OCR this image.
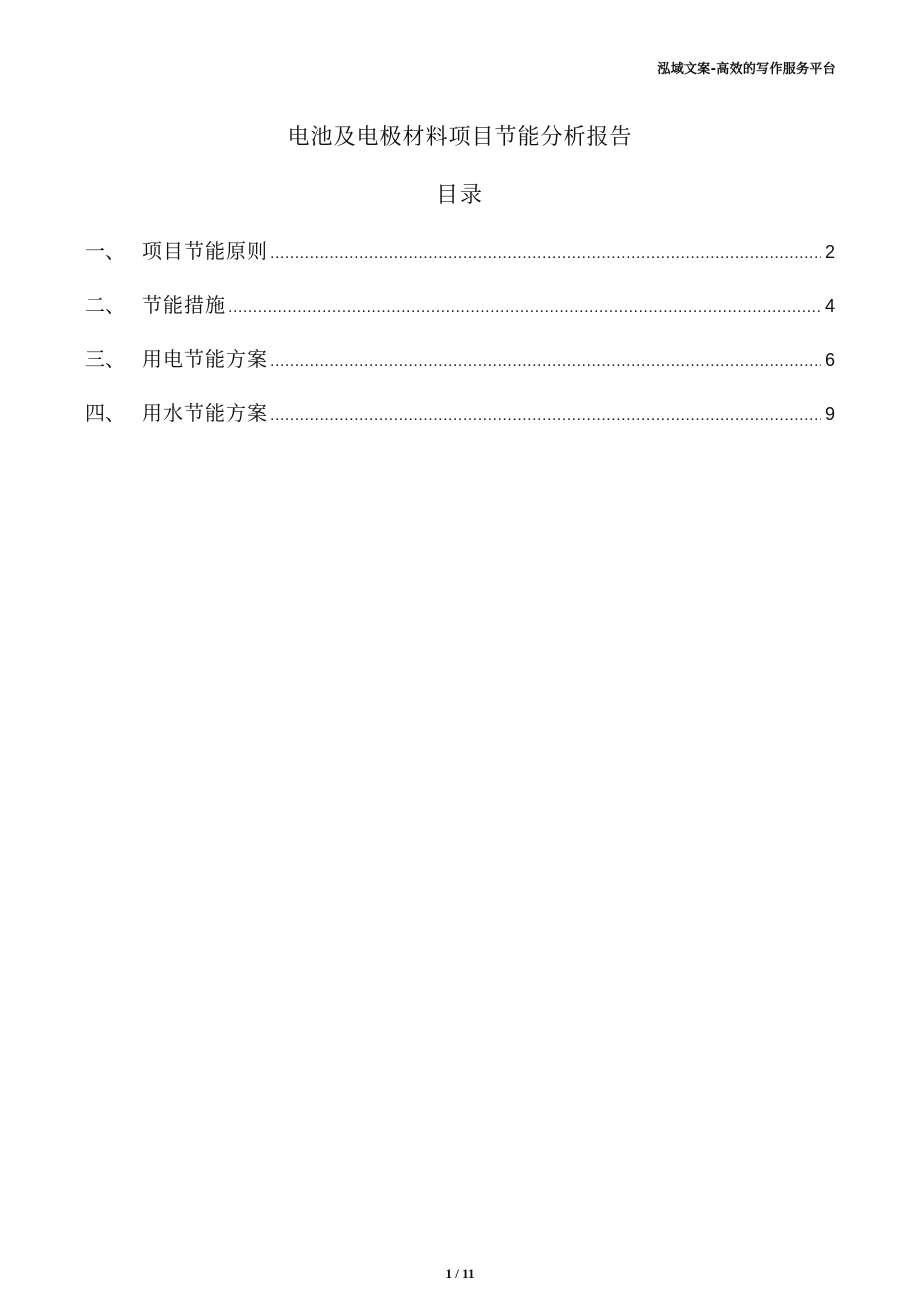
泓域文案-高效的写作服务平台
电池及电极材料项目节能分析报告
目录
一、 项目节能原则 .....	2
二、 节能措施 .....	4
三、 用电节能方案 .....	6
四、 用水节能方案 .....	9
1 / 11
